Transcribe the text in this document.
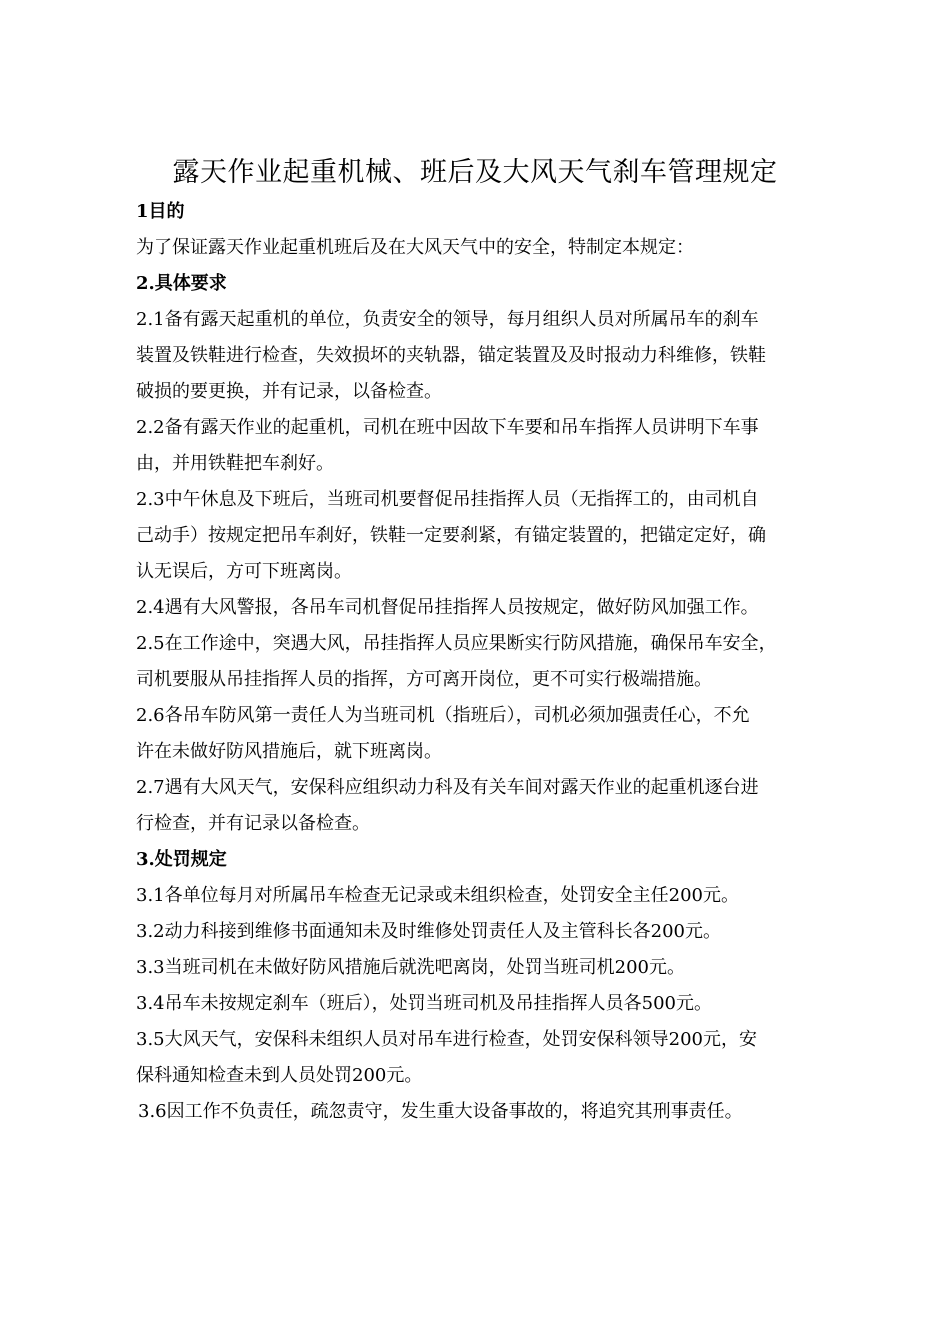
露天作业起重机械、班后及大风天气刹车管理规定
1目的
为了保证露天作业起重机班后及在大风天气中的安全，特制定本规定：
2.具体要求
2.1备有露天起重机的单位，负责安全的领导，每月组织人员对所属吊车的刹车
装置及铁鞋进行检查，失效损坏的夹轨器，锚定装置及及时报动力科维修，铁鞋
破损的要更换，并有记录，以备检查。
2.2备有露天作业的起重机，司机在班中因故下车要和吊车指挥人员讲明下车事
由，并用铁鞋把车刹好。
2.3中午休息及下班后，当班司机要督促吊挂指挥人员（无指挥工的，由司机自
己动手）按规定把吊车刹好，铁鞋一定要刹紧，有锚定装置的，把锚定定好，确
认无误后，方可下班离岗。
2.4遇有大风警报，各吊车司机督促吊挂指挥人员按规定，做好防风加强工作。
2.5在工作途中，突遇大风，吊挂指挥人员应果断实行防风措施，确保吊车安全，
司机要服从吊挂指挥人员的指挥，方可离开岗位，更不可实行极端措施。
2.6各吊车防风第一责任人为当班司机（指班后），司机必须加强责任心，不允
许在未做好防风措施后，就下班离岗。
2.7遇有大风天气，安保科应组织动力科及有关车间对露天作业的起重机逐台进
行检查，并有记录以备检查。
3.处罚规定
3.1各单位每月对所属吊车检查无记录或未组织检查，处罚安全主任200元。
3.2动力科接到维修书面通知未及时维修处罚责任人及主管科长各200元。
3.3当班司机在未做好防风措施后就洗吧离岗，处罚当班司机200元。
3.4吊车未按规定刹车（班后），处罚当班司机及吊挂指挥人员各500元。
3.5大风天气，安保科未组织人员对吊车进行检查，处罚安保科领导200元，安
保科通知检查未到人员处罚200元。
3.6因工作不负责任，疏忽责守，发生重大设备事故的，将追究其刑事责任。
